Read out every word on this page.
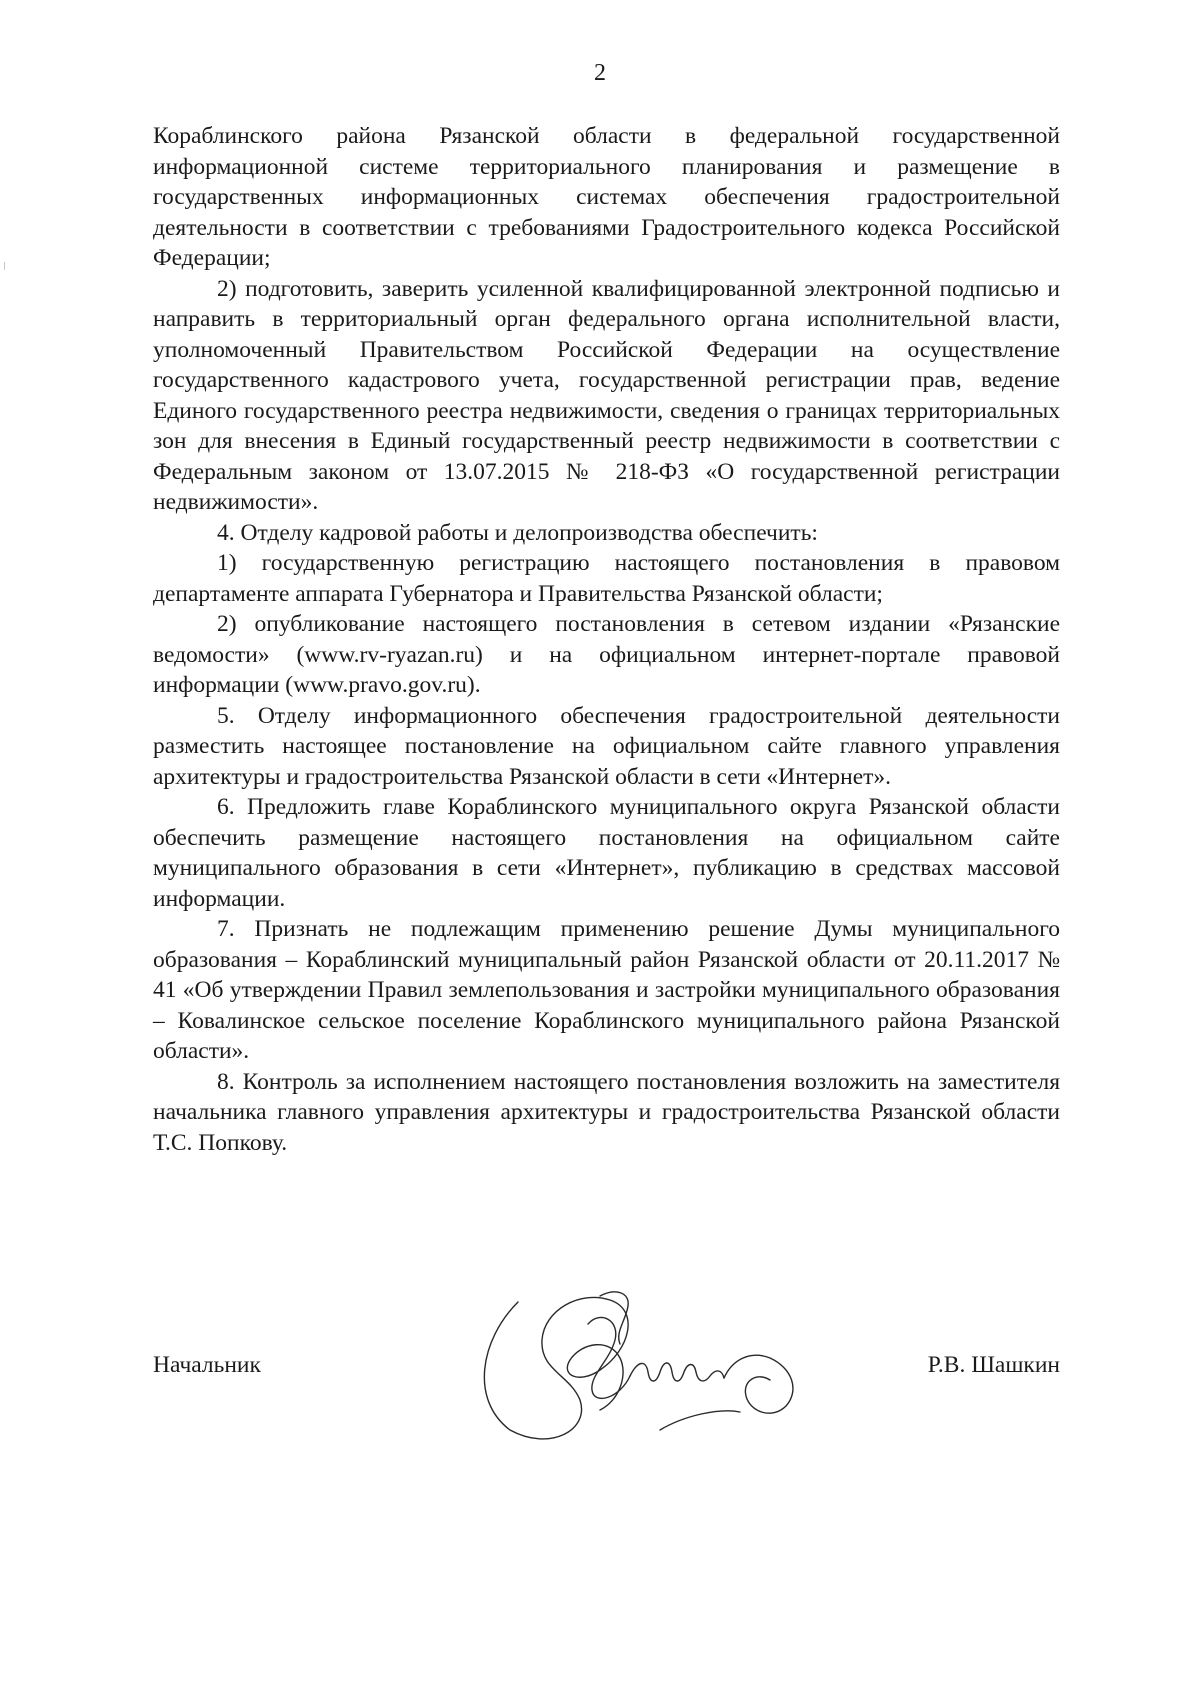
2

Кораблинского района Рязанской области в федеральной государственной информационной системе территориального планирования и размещение в государственных информационных системах обеспечения градостроительной деятельности в соответствии с требованиями Градостроительного кодекса Российской Федерации;

2) подготовить, заверить усиленной квалифицированной электронной подписью и направить в территориальный орган федерального органа исполнительной власти, уполномоченный Правительством Российской Федерации на осуществление государственного кадастрового учета, государственной регистрации прав, ведение Единого государственного реестра недвижимости, сведения о границах территориальных зон для внесения в Единый государственный реестр недвижимости в соответствии с Федеральным законом от 13.07.2015 № 218-ФЗ «О государственной регистрации недвижимости».

4. Отделу кадровой работы и делопроизводства обеспечить:

1) государственную регистрацию настоящего постановления в правовом департаменте аппарата Губернатора и Правительства Рязанской области;

2) опубликование настоящего постановления в сетевом издании «Рязанские ведомости» (www.rv-ryazan.ru) и на официальном интернет-портале правовой информации (www.pravo.gov.ru).

5. Отделу информационного обеспечения градостроительной деятельности разместить настоящее постановление на официальном сайте главного управления архитектуры и градостроительства Рязанской области в сети «Интернет».

6. Предложить главе Кораблинского муниципального округа Рязанской области обеспечить размещение настоящего постановления на официальном сайте муниципального образования в сети «Интернет», публикацию в средствах массовой информации.

7. Признать не подлежащим применению решение Думы муниципального образования – Кораблинский муниципальный район Рязанской области от 20.11.2017 № 41 «Об утверждении Правил землепользования и застройки муниципального образования – Ковалинское сельское поселение Кораблинского муниципального района Рязанской области».

8. Контроль за исполнением настоящего постановления возложить на заместителя начальника главного управления архитектуры и градостроительства Рязанской области Т.С. Попкову.

Начальник	Р.В. Шашкин
